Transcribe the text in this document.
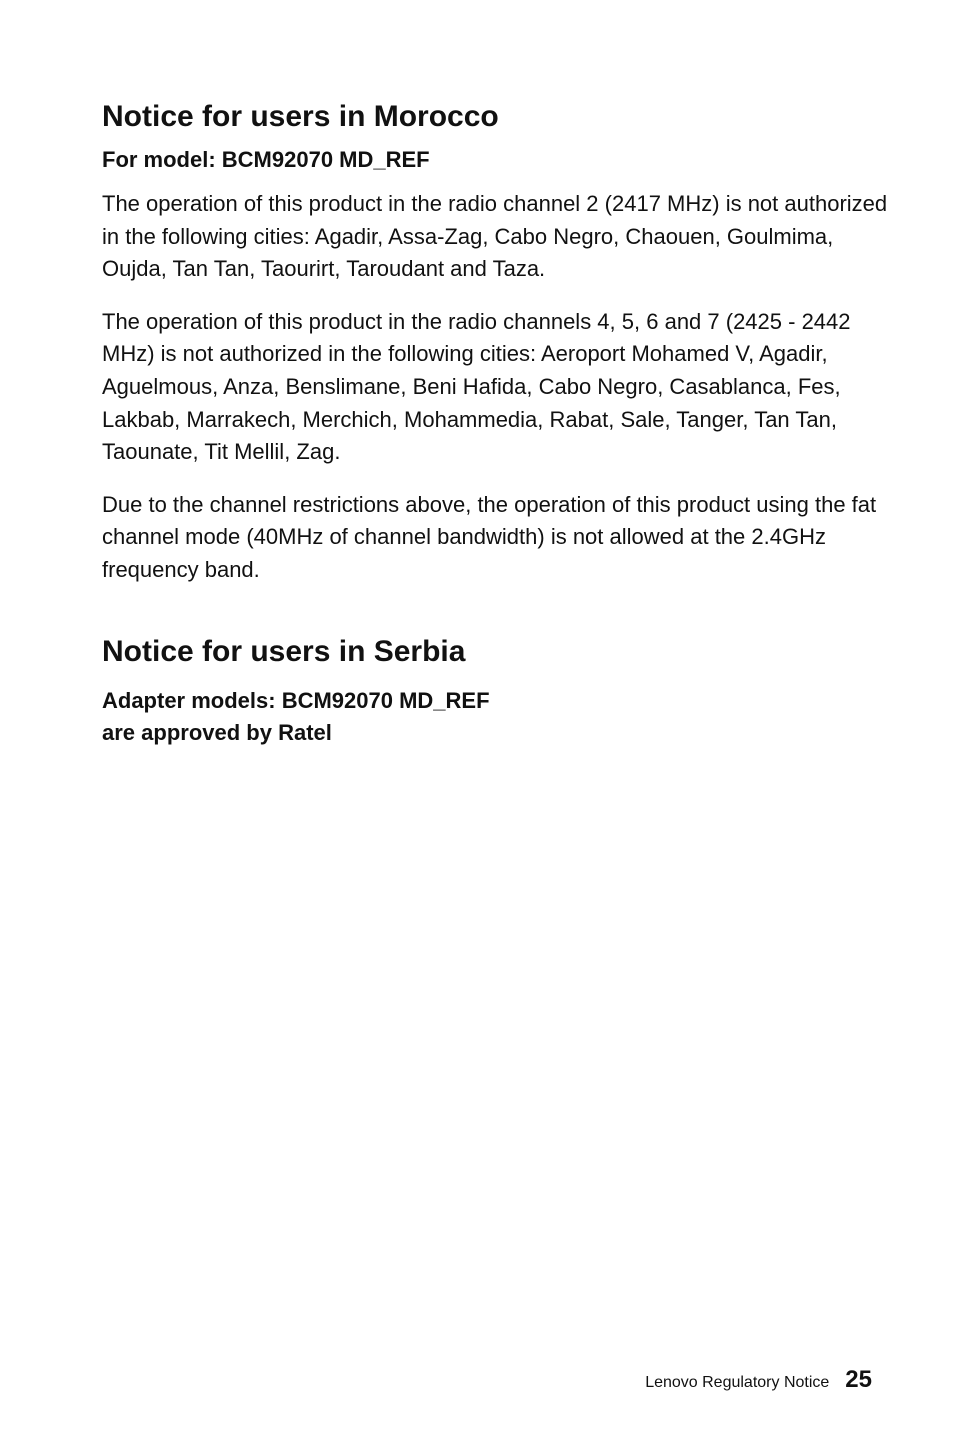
Notice for users in Morocco
For model: BCM92070 MD_REF

The operation of this product in the radio channel 2 (2417 MHz) is not authorized in the following cities: Agadir, Assa-Zag, Cabo Negro, Chaouen, Goulmima, Oujda, Tan Tan, Taourirt, Taroudant and Taza.

The operation of this product in the radio channels 4, 5, 6 and 7 (2425 - 2442 MHz) is not authorized in the following cities: Aeroport Mohamed V, Agadir, Aguelmous, Anza, Benslimane, Beni Hafida, Cabo Negro, Casablanca, Fes, Lakbab, Marrakech, Merchich, Mohammedia, Rabat, Sale, Tanger, Tan Tan, Taounate, Tit Mellil, Zag.

Due to the channel restrictions above, the operation of this product using the fat channel mode (40MHz of channel bandwidth) is not allowed at the 2.4GHz frequency band.

Notice for users in Serbia
Adapter models: BCM92070 MD_REF
are approved by Ratel
Lenovo Regulatory Notice 25
